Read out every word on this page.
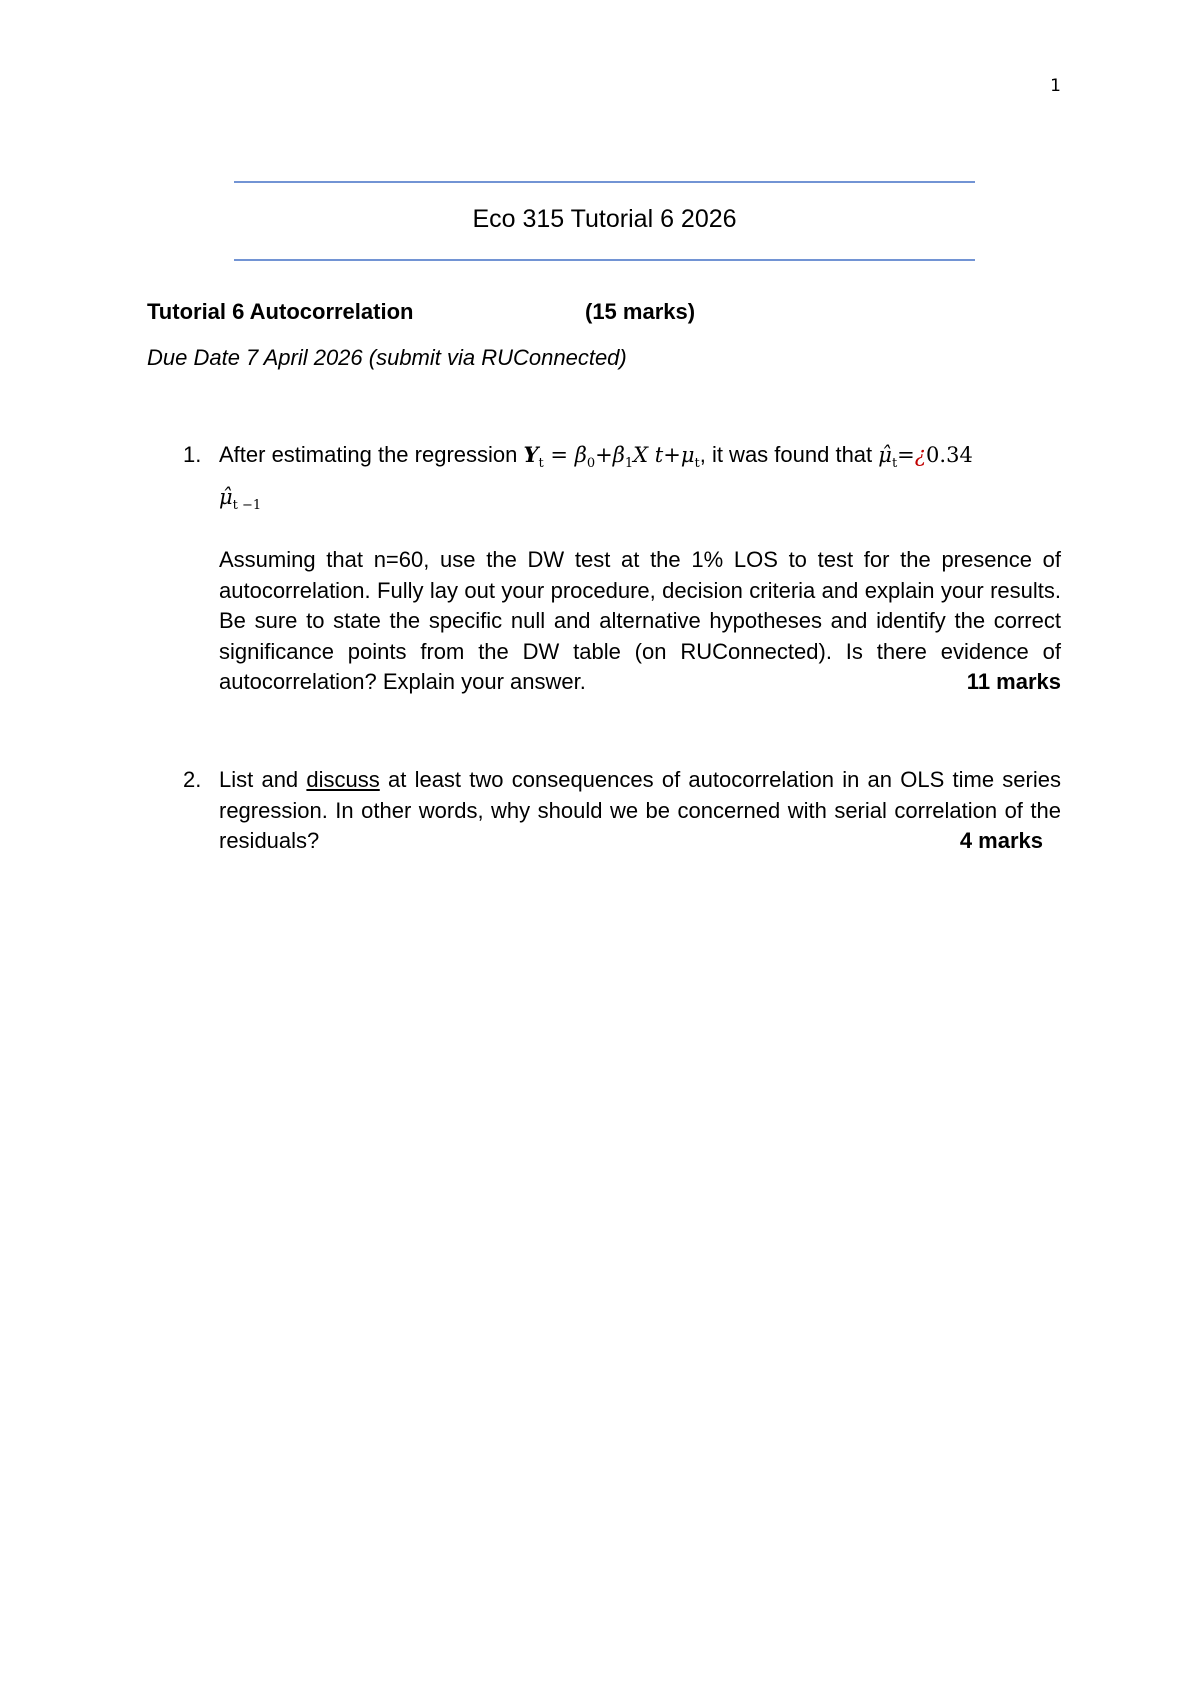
1
Eco 315 Tutorial 6 2026
Tutorial 6 Autocorrelation	(15 marks)
Due Date 7 April 2026 (submit via RUConnected)
1. After estimating the regression $Y_t = \beta_0+\beta_1X$ $t+\mu_t$, it was found that $\mû_t=¿0.34$
$\mû_{t -1}$
Assuming that n=60, use the DW test at the 1% LOS to test for the presence of autocorrelation. Fully lay out your procedure, decision criteria and explain your results. Be sure to state the specific null and alternative hypotheses and identify the correct significance points from the DW table (on RUConnected). Is there evidence of autocorrelation? Explain your answer.	11 marks
2. List and discuss at least two consequences of autocorrelation in an OLS time series regression. In other words, why should we be concerned with serial correlation of the residuals?	4 marks
